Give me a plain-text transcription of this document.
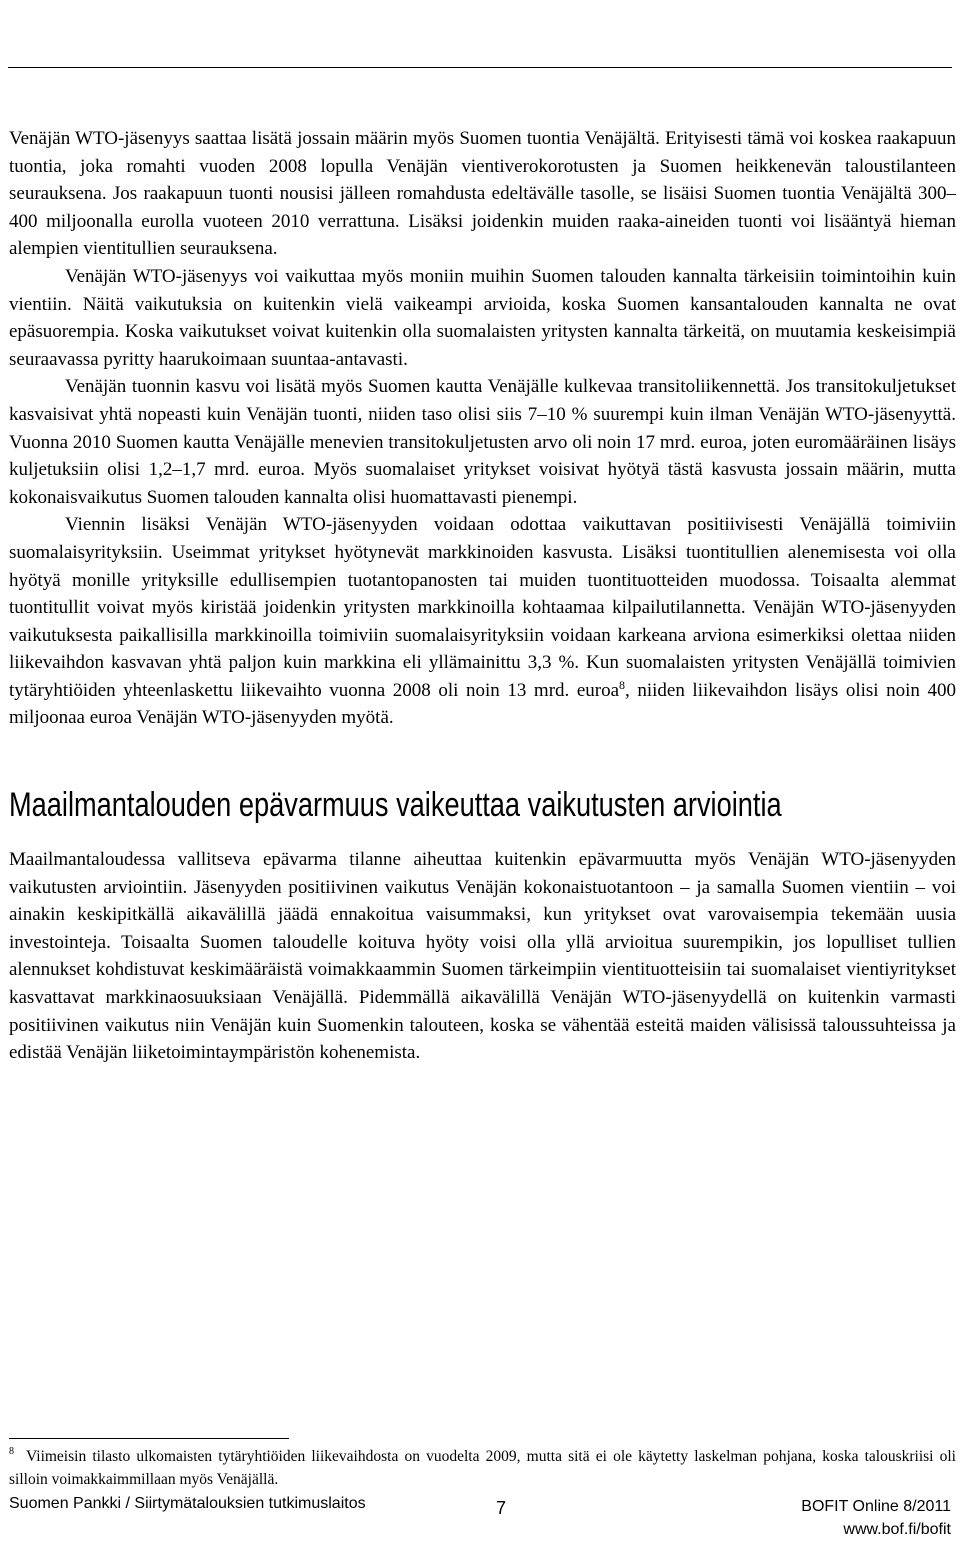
Heli Simola	Suomi hyötyy Venäjän WTO-jäsenyydestä

Venäjän WTO-jäsenyys saattaa lisätä jossain määrin myös Suomen tuontia Venäjältä. Erityisesti tämä voi koskea raakapuun tuontia, joka romahti vuoden 2008 lopulla Venäjän vientiverokorotusten ja Suomen heikkenevän taloustilanteen seurauksena. Jos raakapuun tuonti nousisi jälleen romahdusta edeltävälle tasolle, se lisäisi Suomen tuontia Venäjältä 300–400 miljoonalla eurolla vuoteen 2010 verrattuna. Lisäksi joidenkin muiden raaka-aineiden tuonti voi lisääntyä hieman alempien vientitullien seurauksena.

Venäjän WTO-jäsenyys voi vaikuttaa myös moniin muihin Suomen talouden kannalta tärkeisiin toimintoihin kuin vientiin. Näitä vaikutuksia on kuitenkin vielä vaikeampi arvioida, koska Suomen kansantalouden kannalta ne ovat epäsuorempia. Koska vaikutukset voivat kuitenkin olla suomalaisten yritysten kannalta tärkeitä, on muutamia keskeisimpiä seuraavassa pyritty haarukoimaan suuntaa-antavasti.

Venäjän tuonnin kasvu voi lisätä myös Suomen kautta Venäjälle kulkevaa transitoliikennettä. Jos transitokuljetukset kasvaisivat yhtä nopeasti kuin Venäjän tuonti, niiden taso olisi siis 7–10 % suurempi kuin ilman Venäjän WTO-jäsenyyttä. Vuonna 2010 Suomen kautta Venäjälle menevien transitokuljetusten arvo oli noin 17 mrd. euroa, joten euromääräinen lisäys kuljetuksiin olisi 1,2–1,7 mrd. euroa. Myös suomalaiset yritykset voisivat hyötyä tästä kasvusta jossain määrin, mutta kokonaisvaikutus Suomen talouden kannalta olisi huomattavasti pienempi.

Viennin lisäksi Venäjän WTO-jäsenyyden voidaan odottaa vaikuttavan positiivisesti Venäjällä toimiviin suomalaisyrityksiin. Useimmat yritykset hyötynevät markkinoiden kasvusta. Lisäksi tuontitullien alenemisesta voi olla hyötyä monille yrityksille edullisempien tuotantopanosten tai muiden tuontituotteiden muodossa. Toisaalta alemmat tuontitullit voivat myös kiristää joidenkin yritysten markkinoilla kohtaamaa kilpailutilannetta. Venäjän WTO-jäsenyyden vaikutuksesta paikallisilla markkinoilla toimiviin suomalaisyrityksiin voidaan karkeana arviona esimerkiksi olettaa niiden liikevaihdon kasvavan yhtä paljon kuin markkina eli yllämainittu 3,3 %. Kun suomalaisten yritysten Venäjällä toimivien tytäryhtiöiden yhteenlaskettu liikevaihto vuonna 2008 oli noin 13 mrd. euroa$^8$, niiden liikevaihdon lisäys olisi noin 400 miljoonaa euroa Venäjän WTO-jäsenyyden myötä.

Maailmantalouden epävarmuus vaikeuttaa vaikutusten arviointia

Maailmantaloudessa vallitseva epävarma tilanne aiheuttaa kuitenkin epävarmuutta myös Venäjän WTO-jäsenyyden vaikutusten arviointiin. Jäsenyyden positiivinen vaikutus Venäjän kokonaistuotantoon – ja samalla Suomen vientiin – voi ainakin keskipitkällä aikavälillä jäädä ennakoitua vaisummaksi, kun yritykset ovat varovaisempia tekemään uusia investointeja. Toisaalta Suomen taloudelle koituva hyöty voisi olla yllä arvioitua suurempikin, jos lopulliset tullien alennukset kohdistuvat keskimääräistä voimakkaammin Suomen tärkeimpiin vientituotteisiin tai suomalaiset vientiyritykset kasvattavat markkinaosuuksiaan Venäjällä. Pidemmällä aikavälillä Venäjän WTO-jäsenyydellä on kuitenkin varmasti positiivinen vaikutus niin Venäjän kuin Suomenkin talouteen, koska se vähentää esteitä maiden välisissä taloussuhteissa ja edistää Venäjän liiketoimintaympäristön kohenemista.

$^8$ Viimeisin tilasto ulkomaisten tytäryhtiöiden liikevaihdosta on vuodelta 2009, mutta sitä ei ole käytetty laskelman pohjana, koska talouskriisi oli silloin voimakkaimmillaan myös Venäjällä.
Suomen Pankki / Siirtymätalouksien tutkimuslaitos	7	BOFIT Online 8/2011
www.bof.fi/bofit
